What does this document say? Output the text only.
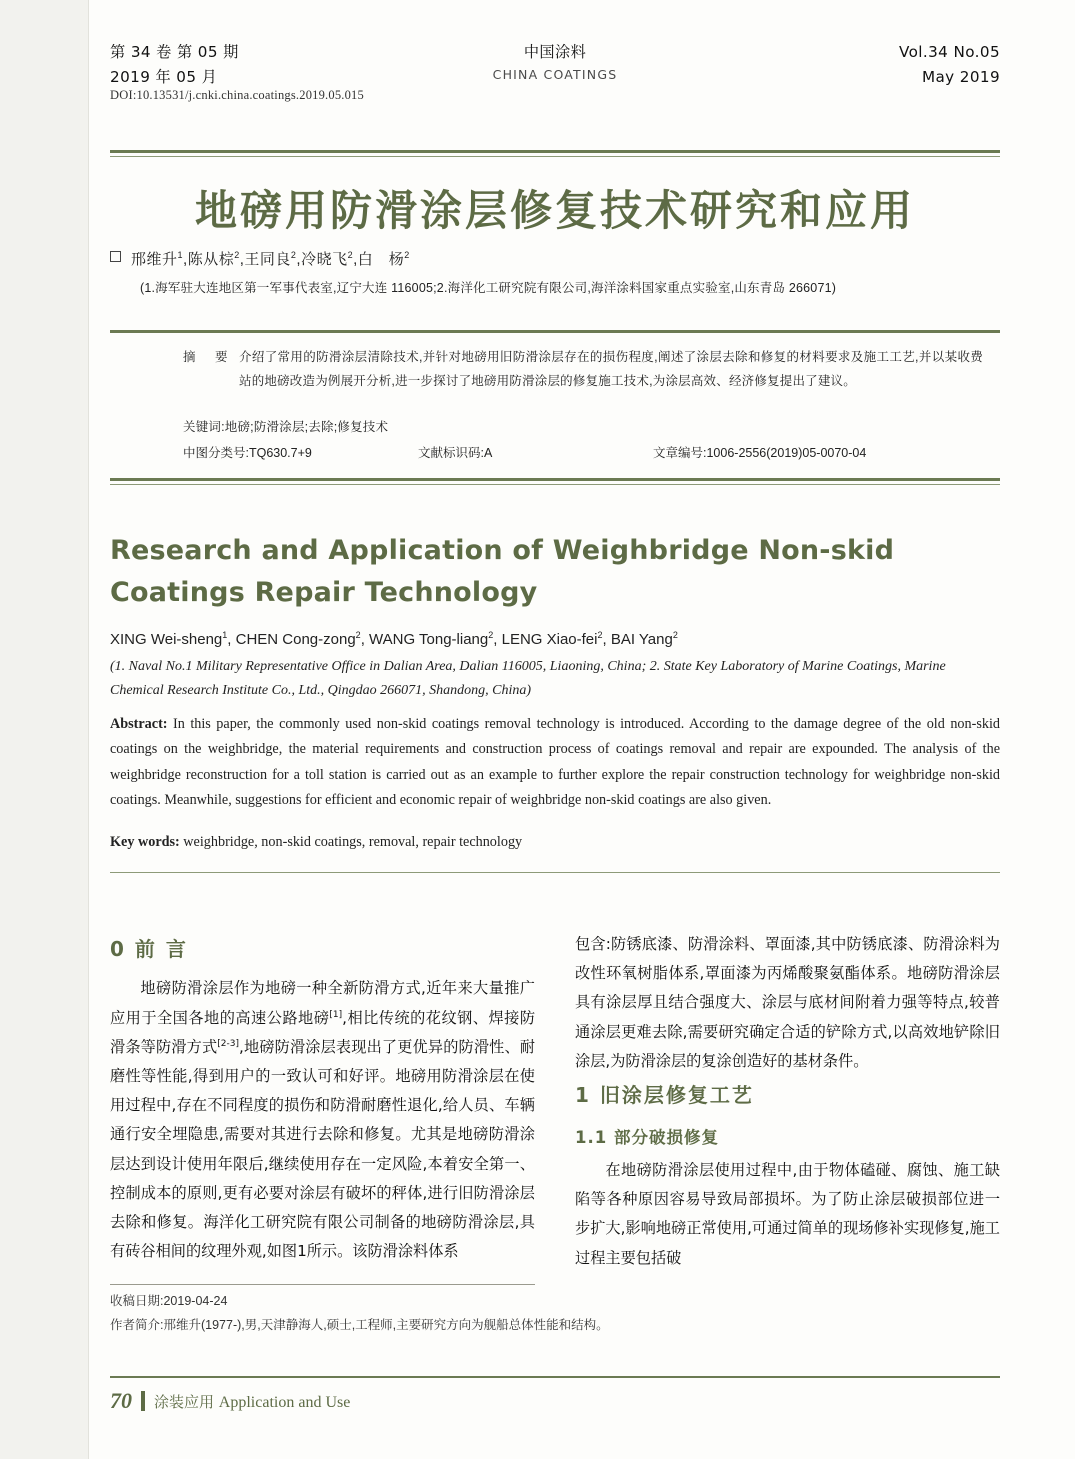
第 34 卷 第 05 期
2019 年 05 月
中国涂料
CHINA COATINGS
Vol.34 No.05
May 2019
DOI:10.13531/j.cnki.china.coatings.2019.05.015
地磅用防滑涂层修复技术研究和应用
邢维升$^1$,陈从棕$^2$,王同良$^2$,冷晓飞$^2$,白　杨$^2$
(1.海军驻大连地区第一军事代表室,辽宁大连 116005;2.海洋化工研究院有限公司,海洋涂料国家重点实验室,山东青岛 266071)
摘 要 介绍了常用的防滑涂层清除技术,并针对地磅用旧防滑涂层存在的损伤程度,阐述了涂层去除和修复的材料要求及施工工艺,并以某收费站的地磅改造为例展开分析,进一步探讨了地磅用防滑涂层的修复施工技术,为涂层高效、经济修复提出了建议。
关键词:地磅;防滑涂层;去除;修复技术
中图分类号:TQ630.7+9	文献标识码:A	文章编号:1006-2556(2019)05-0070-04
Research and Application of Weighbridge Non-skid Coatings Repair Technology
XING Wei-sheng$^1$, CHEN Cong-zong$^2$, WANG Tong-liang$^2$, LENG Xiao-fei$^2$, BAI Yang$^2$
(1. Naval No.1 Military Representative Office in Dalian Area, Dalian 116005, Liaoning, China; 2. State Key Laboratory of Marine Coatings, Marine Chemical Research Institute Co., Ltd., Qingdao 266071, Shandong, China)
Abstract: In this paper, the commonly used non-skid coatings removal technology is introduced. According to the damage degree of the old non-skid coatings on the weighbridge, the material requirements and construction process of coatings removal and repair are expounded. The analysis of the weighbridge reconstruction for a toll station is carried out as an example to further explore the repair construction technology for weighbridge non-skid coatings. Meanwhile, suggestions for efficient and economic repair of weighbridge non-skid coatings are also given.
Key words: weighbridge, non-skid coatings, removal, repair technology
0 前 言

地磅防滑涂层作为地磅一种全新防滑方式,近年来大量推广应用于全国各地的高速公路地磅[1],相比传统的花纹钢、焊接防滑条等防滑方式[2-3],地磅防滑涂层表现出了更优异的防滑性、耐磨性等性能,得到用户的一致认可和好评。地磅用防滑涂层在使用过程中,存在不同程度的损伤和防滑耐磨性退化,给人员、车辆通行安全埋隐患,需要对其进行去除和修复。尤其是地磅防滑涂层达到设计使用年限后,继续使用存在一定风险,本着安全第一、控制成本的原则,更有必要对涂层有破坏的秤体,进行旧防滑涂层去除和修复。海洋化工研究院有限公司制备的地磅防滑涂层,具有砖谷相间的纹理外观,如图1所示。该防滑涂料体系

包含:防锈底漆、防滑涂料、罩面漆,其中防锈底漆、防滑涂料为改性环氧树脂体系,罩面漆为丙烯酸聚氨酯体系。地磅防滑涂层具有涂层厚且结合强度大、涂层与底材间附着力强等特点,较普通涂层更难去除,需要研究确定合适的铲除方式,以高效地铲除旧涂层,为防滑涂层的复涂创造好的基材条件。

1 旧涂层修复工艺
1.1 部分破损修复

在地磅防滑涂层使用过程中,由于物体磕碰、腐蚀、施工缺陷等各种原因容易导致局部损坏。为了防止涂层破损部位进一步扩大,影响地磅正常使用,可通过简单的现场修补实现修复,施工过程主要包括破

收稿日期:2019-04-24
作者简介:邢维升(1977-),男,天津静海人,硕士,工程师,主要研究方向为舰船总体性能和结构。
70 涂装应用 Application and Use
